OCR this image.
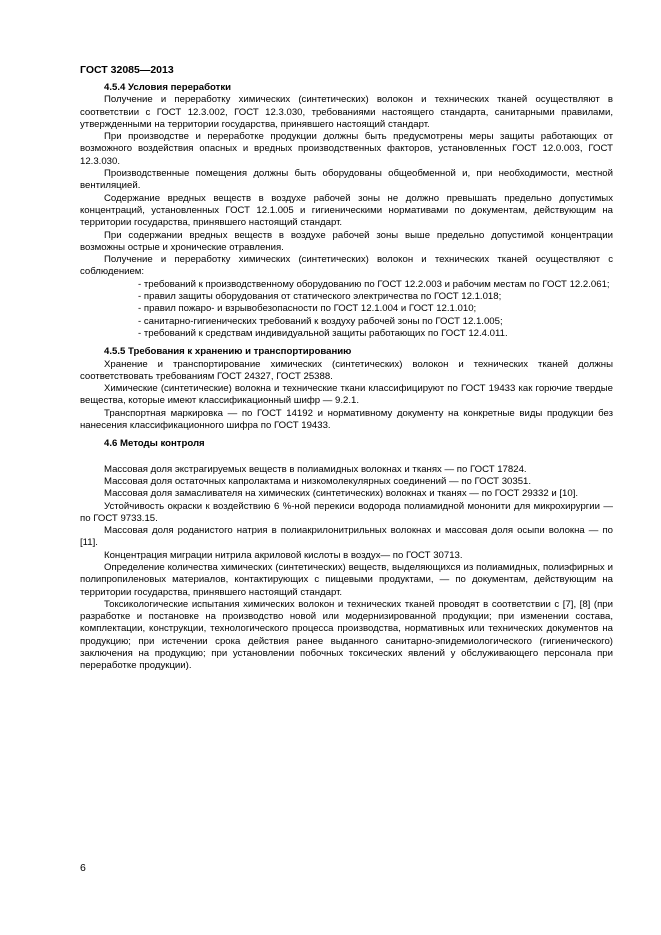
ГОСТ 32085—2013
4.5.4 Условия переработки

Получение и переработку химических (синтетических) волокон и технических тканей осуществляют в соответствии с ГОСТ 12.3.002, ГОСТ 12.3.030, требованиями настоящего стандарта, санитарными правилами, утвержденными на территории государства, принявшего настоящий стандарт.

При производстве и переработке продукции должны быть предусмотрены меры защиты работающих от возможного воздействия опасных и вредных производственных факторов, установленных ГОСТ 12.0.003, ГОСТ 12.3.030.

Производственные помещения должны быть оборудованы общеобменной и, при необходимости, местной вентиляцией.

Содержание вредных веществ в воздухе рабочей зоны не должно превышать предельно допустимых концентраций, установленных ГОСТ 12.1.005 и гигиеническими нормативами по документам, действующим на территории государства, принявшего настоящий стандарт.

При содержании вредных веществ в воздухе рабочей зоны выше предельно допустимой концентрации возможны острые и хронические отравления.

Получение и переработку химических (синтетических) волокон и технических тканей осуществляют с соблюдением:

- требований к производственному оборудованию по ГОСТ 12.2.003 и рабочим местам по ГОСТ 12.2.061;

- правил защиты оборудования от статического электричества по ГОСТ 12.1.018;

- правил пожаро- и взрывобезопасности по ГОСТ 12.1.004 и ГОСТ 12.1.010;

- санитарно-гигиенических требований к воздуху рабочей зоны по ГОСТ 12.1.005;

- требований к средствам индивидуальной защиты работающих по ГОСТ 12.4.011.

4.5.5 Требования к хранению и транспортированию

Хранение и транспортирование химических (синтетических) волокон и технических тканей должны соответствовать требованиям ГОСТ 24327, ГОСТ 25388.

Химические (синтетические) волокна и технические ткани классифицируют по ГОСТ 19433 как горючие твердые вещества, которые имеют классификационный шифр — 9.2.1.

Транспортная маркировка — по ГОСТ 14192 и нормативному документу на конкретные виды продукции без нанесения классификационного шифра по ГОСТ 19433.

4.6 Методы контроля

Массовая доля экстрагируемых веществ в полиамидных волокнах и тканях — по ГОСТ 17824.

Массовая доля остаточных капролактама и низкомолекулярных соединений — по ГОСТ 30351.

Массовая доля замасливателя на химических (синтетических) волокнах и тканях — по ГОСТ 29332 и [10].

Устойчивость окраски к воздействию 6 %-ной перекиси водорода полиамидной мононити для микрохирургии — по ГОСТ 9733.15.

Массовая доля роданистого натрия в полиакрилонитрильных волокнах и массовая доля осыпи волокна — по [11].

Концентрация миграции нитрила акриловой кислоты в воздух— по ГОСТ 30713.

Определение количества химических (синтетических) веществ, выделяющихся из полиамидных, полиэфирных и полипропиленовых материалов, контактирующих с пищевыми продуктами, — по документам, действующим на территории государства, принявшего настоящий стандарт.

Токсикологические испытания химических волокон и технических тканей проводят в соответствии с [7], [8] (при разработке и постановке на производство новой или модернизированной продукции; при изменении состава, комплектации, конструкции, технологического процесса производства, нормативных или технических документов на продукцию; при истечении срока действия ранее выданного санитарно-эпидемиологического (гигиенического) заключения на продукцию; при установлении побочных токсических явлений у обслуживающего персонала при переработке продукции).

6
